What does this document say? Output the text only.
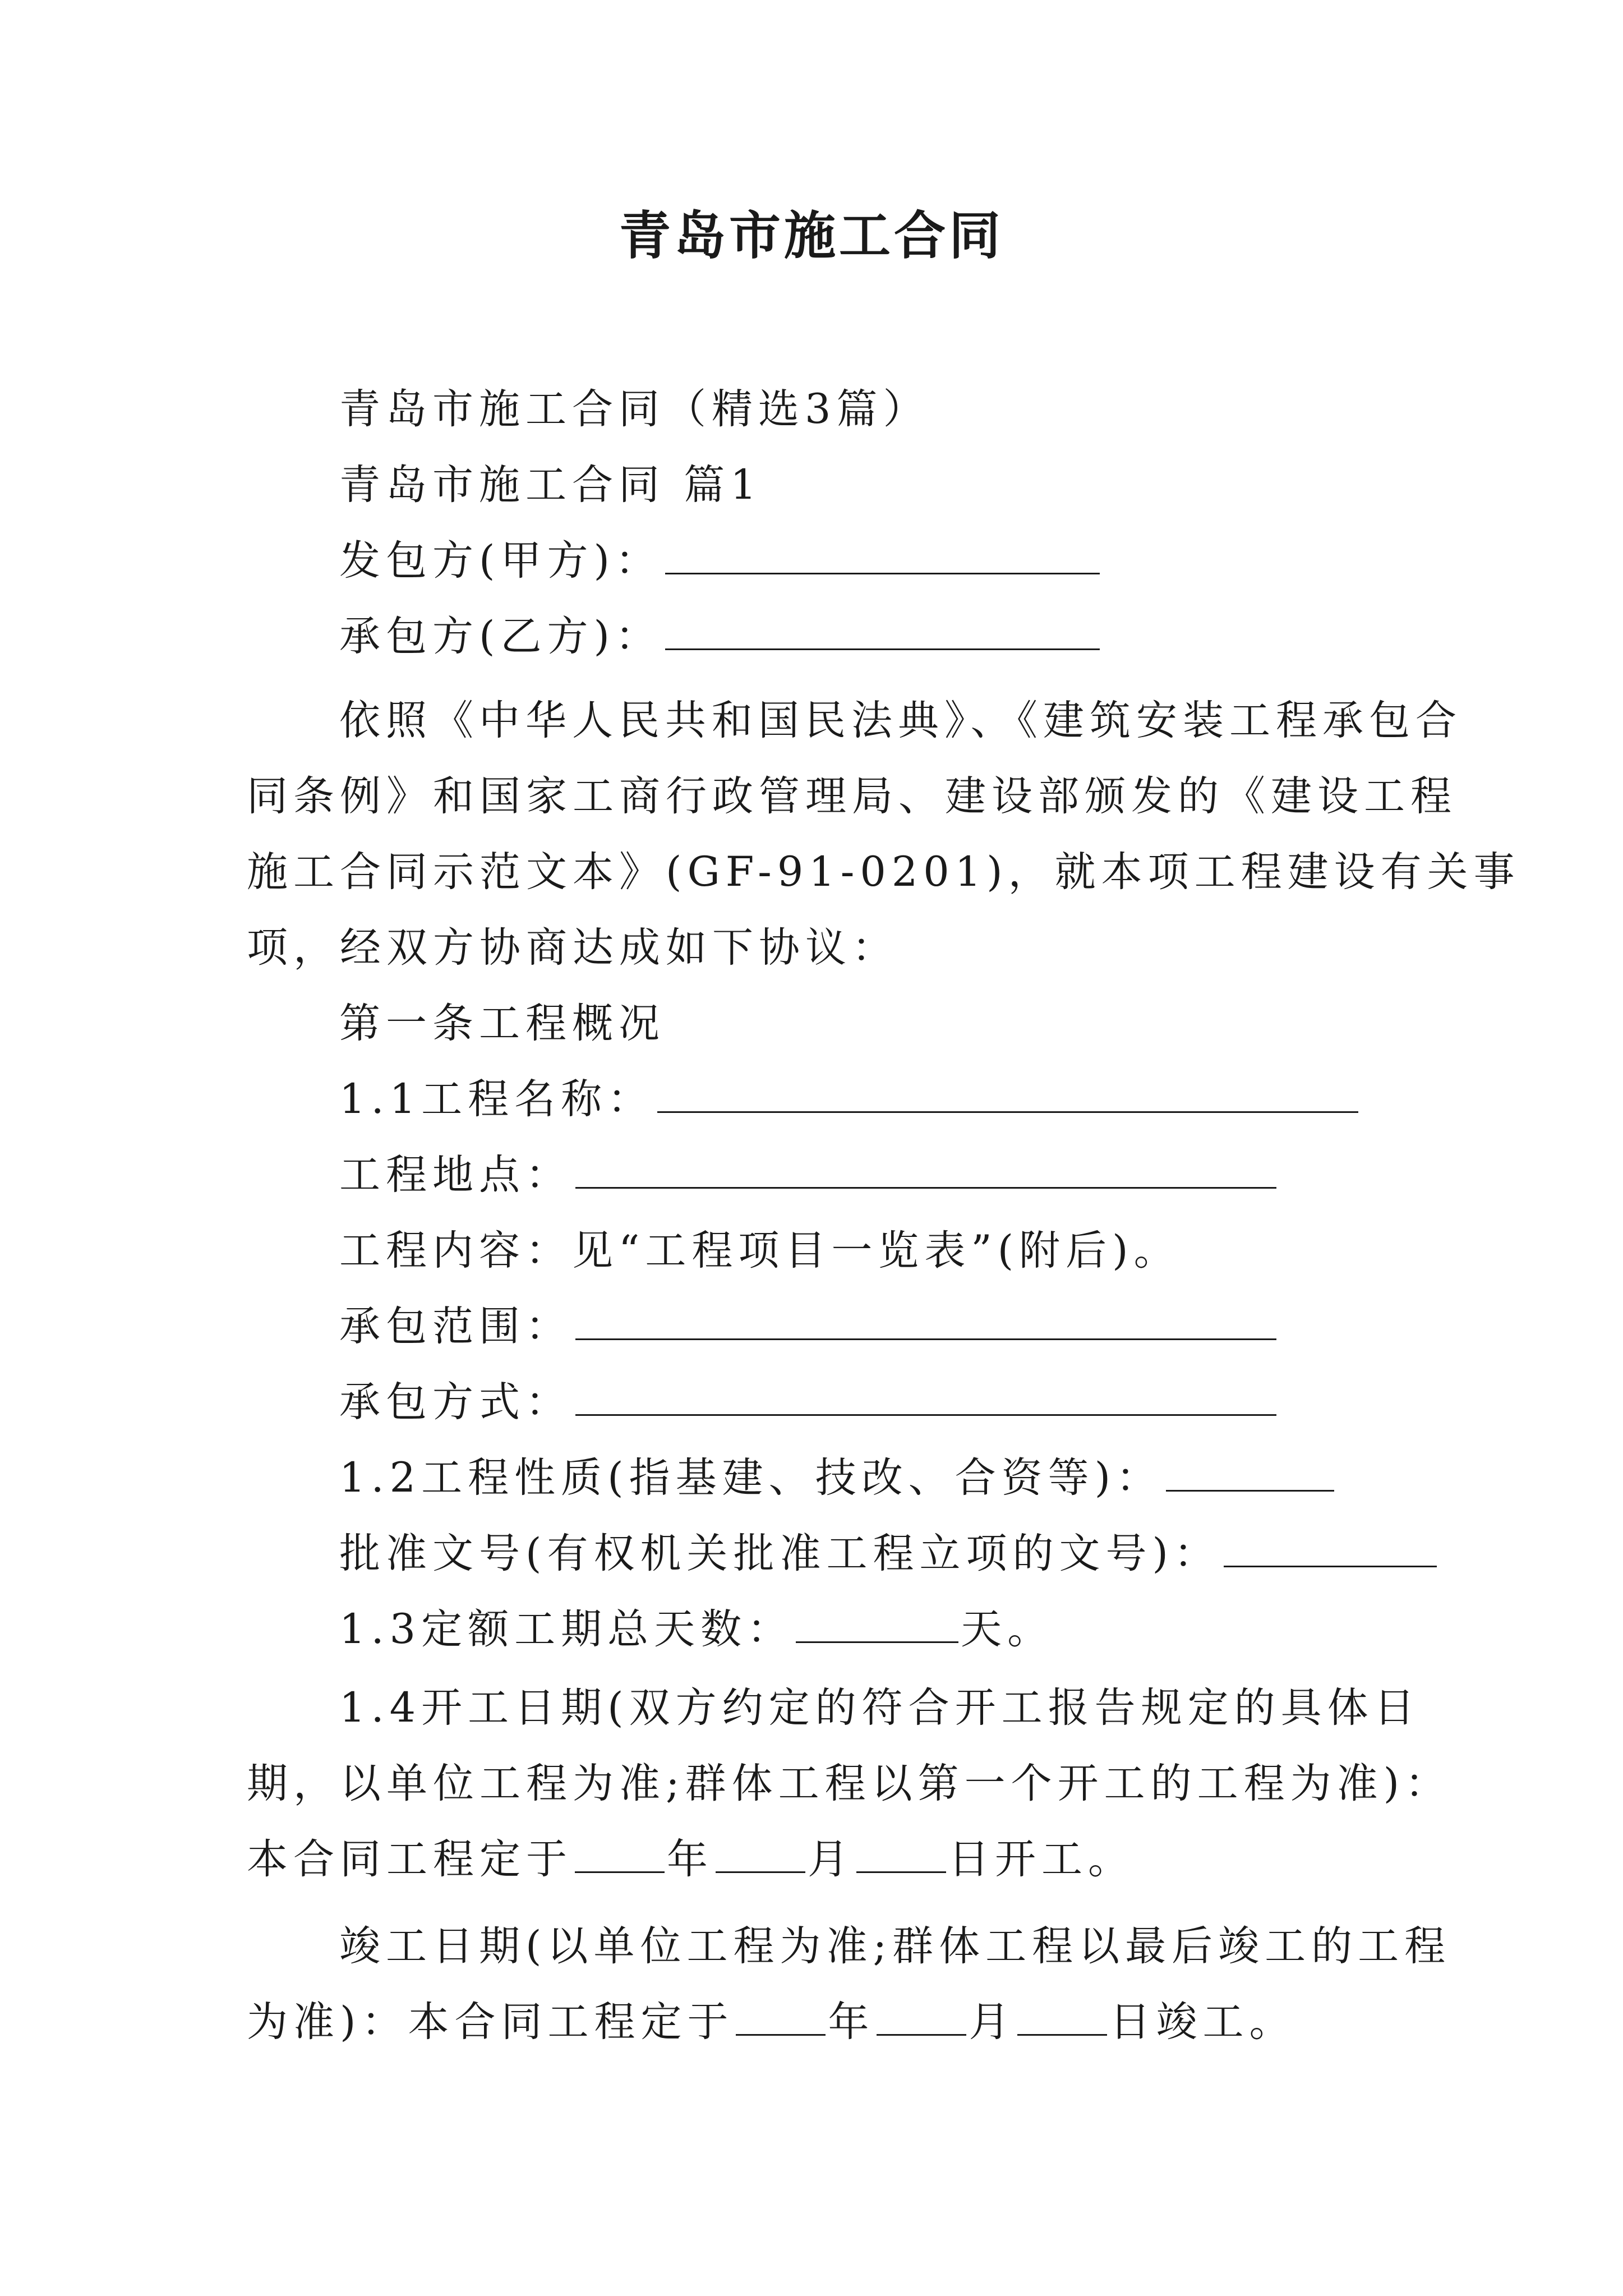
青岛市施工合同

青岛市施工合同（精选3篇）

青岛市施工合同 篇1

发包方(甲方)：

承包方(乙方)：

依照《中华人民共和国民法典》、《建筑安装工程承包合

同条例》和国家工商行政管理局、建设部颁发的《建设工程

施工合同示范文本》(GF-91-0201)，就本项工程建设有关事

项，经双方协商达成如下协议：

第一条工程概况

1.1工程名称：

工程地点：

工程内容：见“工程项目一览表”(附后)。

承包范围：

承包方式：

1.2工程性质(指基建、技改、合资等)：

批准文号(有权机关批准工程立项的文号)：

1.3定额工期总天数：	天。

1.4开工日期(双方约定的符合开工报告规定的具体日

期，以单位工程为准;群体工程以第一个开工的工程为准)：

本合同工程定于 年 月 日开工。

竣工日期(以单位工程为准;群体工程以最后竣工的工程

为准)：本合同工程定于 年 月 日竣工。
